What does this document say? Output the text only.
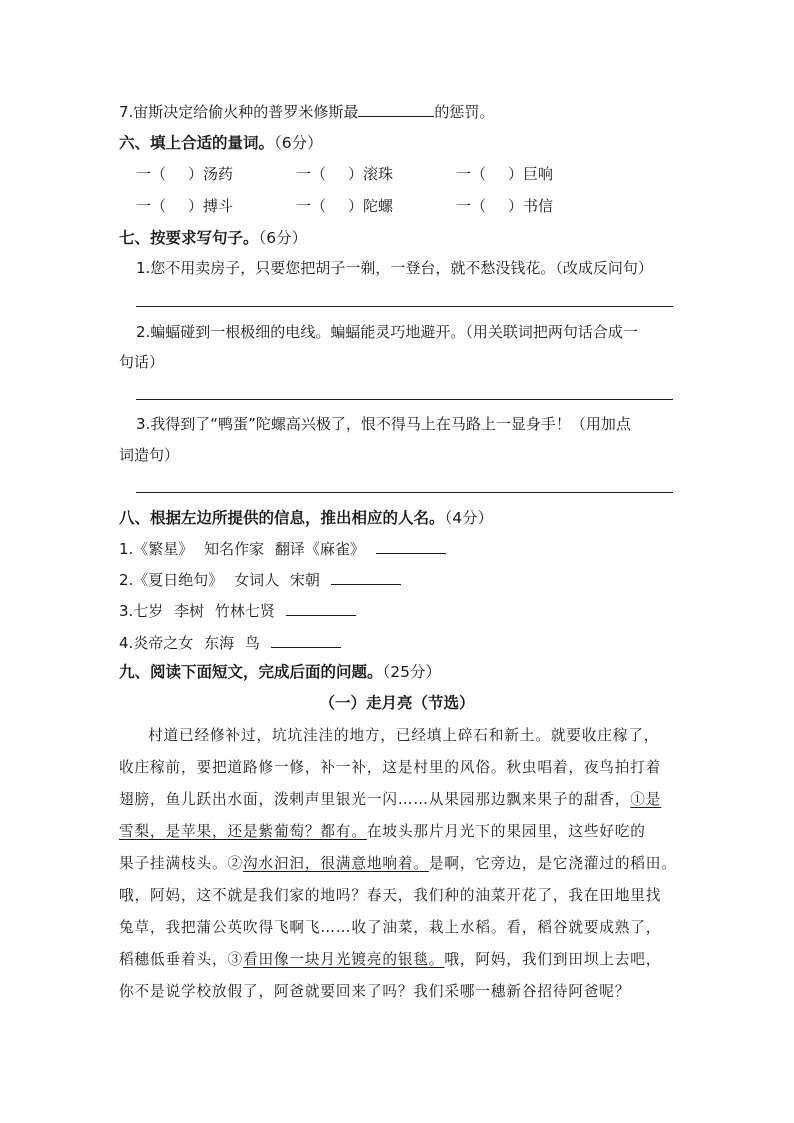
7.宙斯决定给偷火种的普罗米修斯最	的惩罚。
六、填上合适的量词。（6分）
一（ ）汤药	一（ ）滚珠	一（ ）巨响
一（ ）搏斗	一（ ）陀螺	一（ ）书信
七、按要求写句子。（6分）
1.您不用卖房子，只要您把胡子一剃，一登台，就不愁没钱花。（改成反问句）
2.蝙蝠碰到一根极细的电线。蝙蝠能灵巧地避开。（用关联词把两句话合成一
句话）
3.我得到了“鸭蛋”陀螺高兴极了，恨不得马上在马路上一显身手！（用加点
词造句）
八、根据左边所提供的信息，推出相应的人名。（4分）
1.《繁星》 知名作家 翻译《麻雀》
2.《夏日绝句》 女词人 宋朝
3.七岁 李树 竹林七贤
4.炎帝之女 东海 鸟
九、阅读下面短文，完成后面的问题。（25分）
（一）走月亮（节选）
村道已经修补过，坑坑洼洼的地方，已经填上碎石和新土。就要收庄稼了，
收庄稼前，要把道路修一修，补一补，这是村里的风俗。秋虫唱着，夜鸟拍打着
翅膀，鱼儿跃出水面，泼剌声里银光一闪……从果园那边飘来果子的甜香，①是
雪梨，是苹果，还是紫葡萄？都有。在坡头那片月光下的果园里，这些好吃的
果子挂满枝头。②沟水汩汩，很满意地响着。是啊，它旁边，是它浇灌过的稻田。
哦，阿妈，这不就是我们家的地吗？春天，我们种的油菜开花了，我在田地里找
兔草，我把蒲公英吹得飞啊飞……收了油菜，栽上水稻。看，稻谷就要成熟了，
稻穗低垂着头，③看田像一块月光镀亮的银毯。哦，阿妈，我们到田坝上去吧，
你不是说学校放假了，阿爸就要回来了吗？我们采哪一穗新谷招待阿爸呢？
